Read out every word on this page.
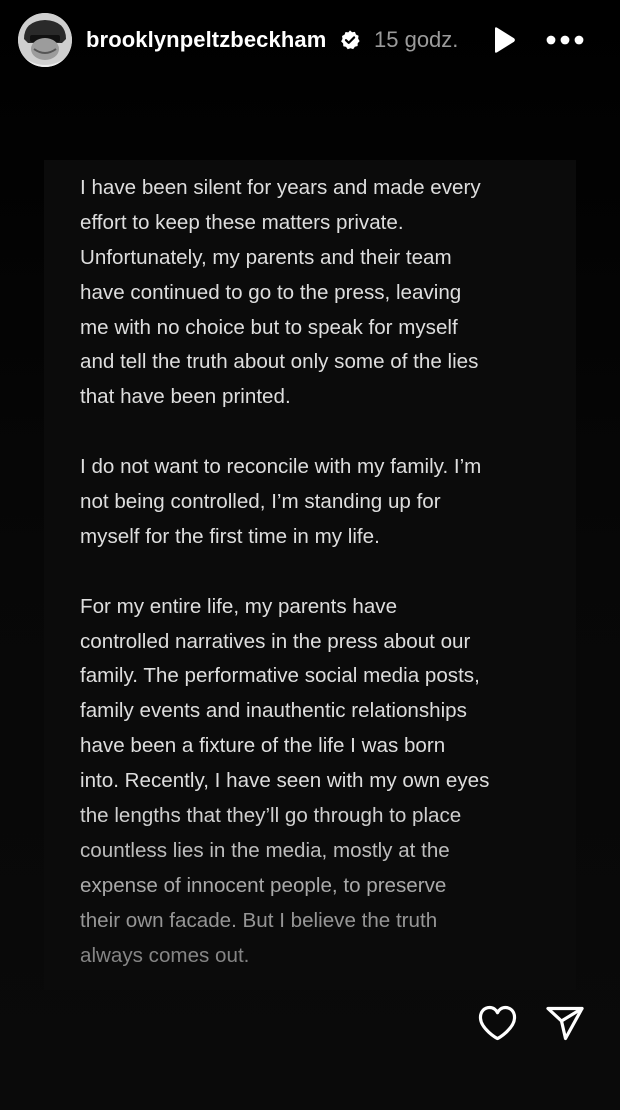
brooklynpeltzbeckham 15 godz.
I have been silent for years and made every
effort to keep these matters private.
Unfortunately, my parents and their team
have continued to go to the press, leaving
me with no choice but to speak for myself
and tell the truth about only some of the lies
that have been printed.
I do not want to reconcile with my family. I’m
not being controlled, I’m standing up for
myself for the first time in my life.
For my entire life, my parents have
controlled narratives in the press about our
family. The performative social media posts,
family events and inauthentic relationships
have been a fixture of the life I was born
into. Recently, I have seen with my own eyes
the lengths that they’ll go through to place
countless lies in the media, mostly at the
expense of innocent people, to preserve
their own facade. But I believe the truth
always comes out.
